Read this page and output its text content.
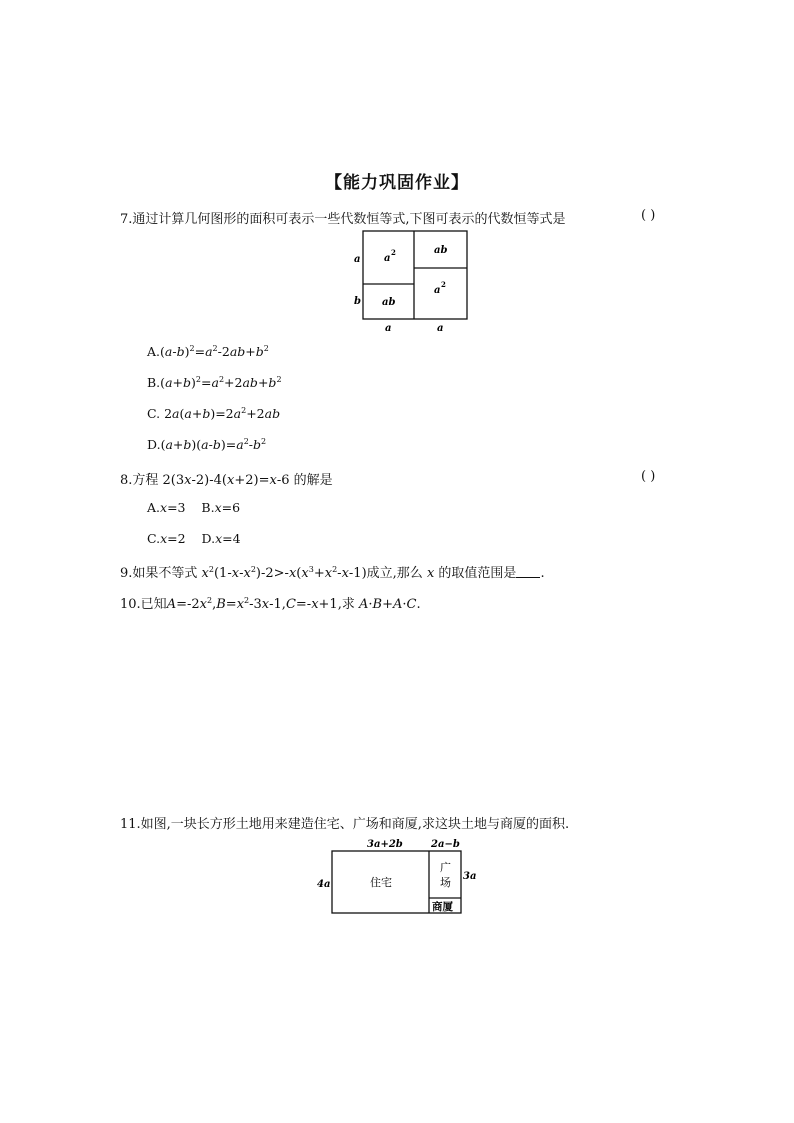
【能力巩固作业】
7.通过计算几何图形的面积可表示一些代数恒等式,下图可表示的代数恒等式是	( )
a
b
a	a
a
2
ab
ab
a
2
$A.(a-b)^2=a^2-2ab+b^2$
$B.(a+b)^2=a^2+2ab+b^2$
C. $2a(a+b)=2a^2+2ab$
$D.(a+b)(a-b)=a^2-b^2$
8.方程 2(3x-2)-4(x+2)=x-6 的解是	( )
A.x=3 B.x=6
C.x=2 D.x=4
9.如果不等式 $x^2(1-x-x^2)-2>-x(x^3+x^2-x-1)$成立,那么 x 的取值范围是 .
10.已知$A=-2x^2,B=x^2-3x-1,C=-x+1$,求 A·B+A·C.
11.如图,一块长方形土地用来建造住宅、广场和商厦,求这块土地与商厦的面积.
3a+2b	2a−b
4a
3a
住宅
广
场
商厦
